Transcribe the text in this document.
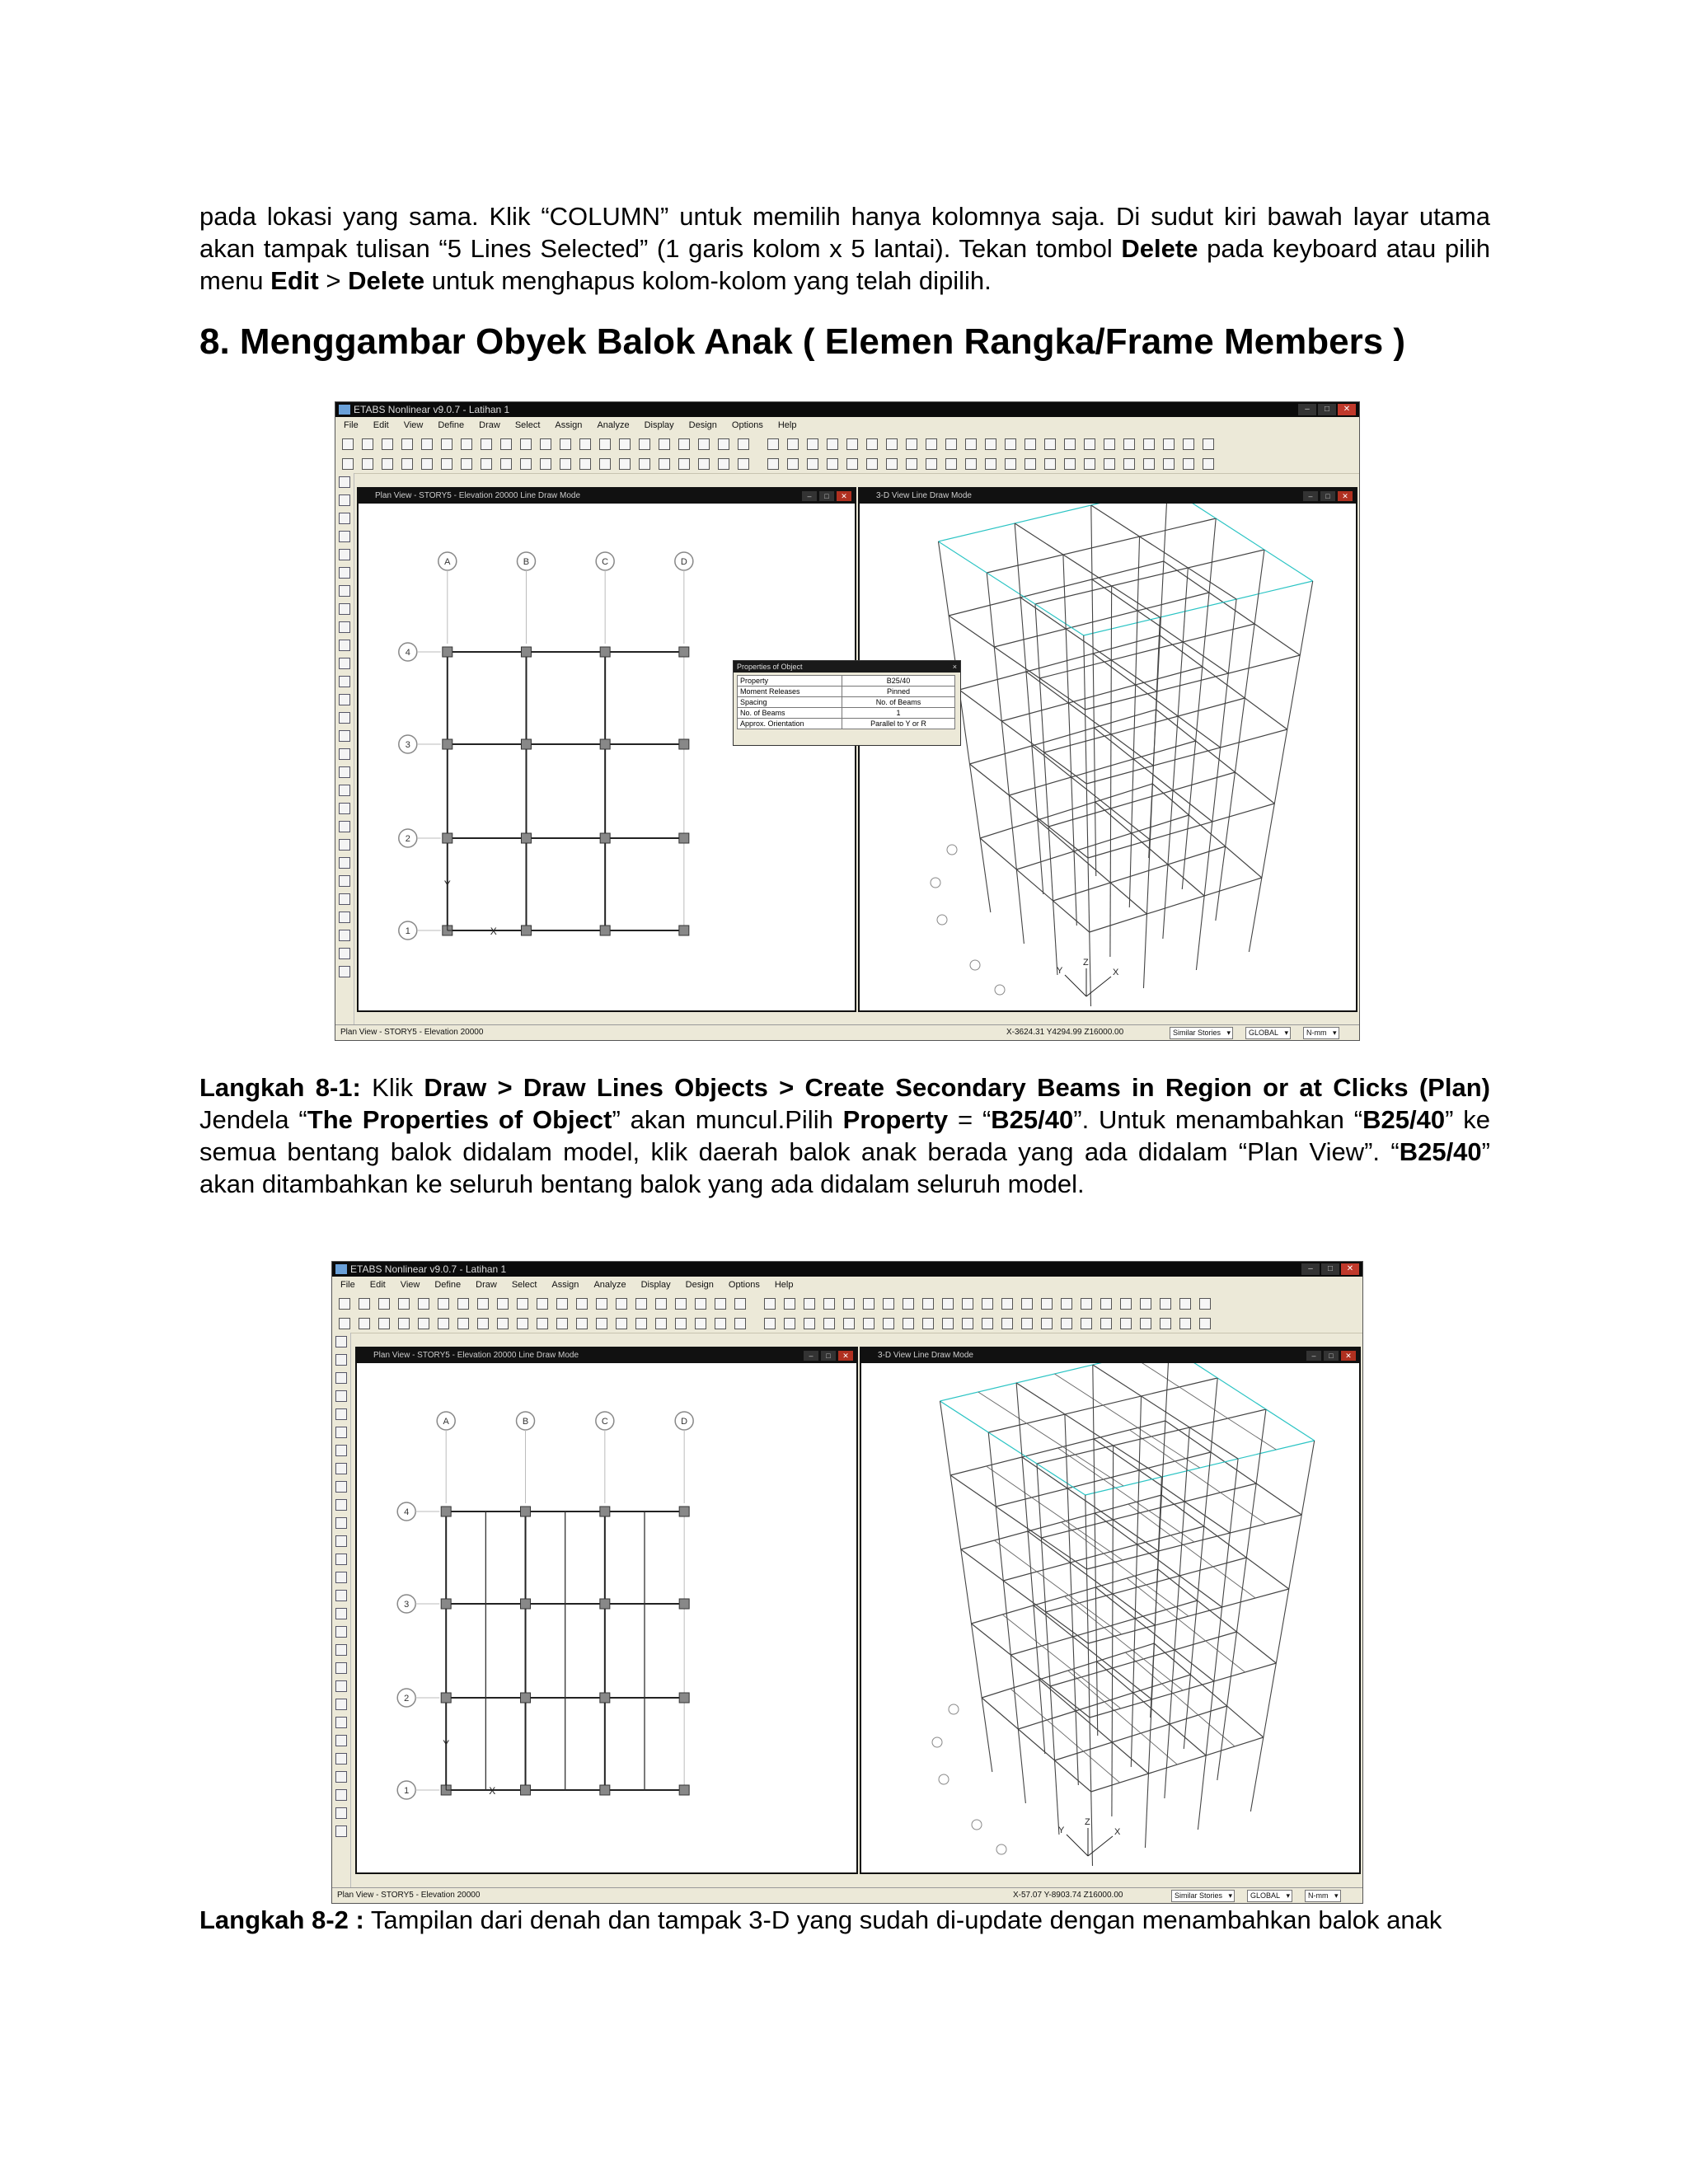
pada lokasi yang sama. Klik “COLUMN” untuk memilih hanya kolomnya saja. Di sudut kiri bawah layar utama akan tampak tulisan “5 Lines Selected” (1 garis kolom x 5 lantai). Tekan tombol Delete pada keyboard atau pilih menu Edit > Delete untuk menghapus kolom-kolom yang telah dipilih.
8. Menggambar Obyek Balok Anak ( Elemen Rangka/Frame Members )
ETABS Nonlinear v9.0.7 - Latihan 1	–	□	✕
File Edit View Define Draw Select Assign Analyze Display Design Options Help
Plan View - STORY5 - Elevation 20000 Line Draw Mode	–	□	✕
A	B	C	D
4
3
2
1	X
Y
3-D View Line Draw Mode	–	□	✕
Y	X
Z
Properties of Object	×
Property	B25/40
Moment Releases	Pinned
Spacing	No. of Beams
No. of Beams	1
Approx. Orientation	Parallel to Y or R
Plan View - STORY5 - Elevation 20000	X-3624.31 Y4294.99 Z16000.00	Similar Stories ▾	GLOBAL ▾	N-mm ▾
Langkah 8-1: Klik Draw > Draw Lines Objects > Create Secondary Beams in Region or at Clicks (Plan) Jendela “The Properties of Object” akan muncul.Pilih Property = “B25/40”. Untuk menambahkan “B25/40” ke semua bentang balok didalam model, klik daerah balok anak berada yang ada didalam “Plan View”. “B25/40” akan ditambahkan ke seluruh bentang balok yang ada didalam seluruh model.
ETABS Nonlinear v9.0.7 - Latihan 1	–	□	✕
File Edit View Define Draw Select Assign Analyze Display Design Options Help
Plan View - STORY5 - Elevation 20000 Line Draw Mode	–	□	✕
A	B	C	D
4
3
2
1	X
Y
3-D View Line Draw Mode	–	□	✕
Y	X
Z
Plan View - STORY5 - Elevation 20000	X-57.07 Y-8903.74 Z16000.00	Similar Stories ▾	GLOBAL ▾	N-mm ▾
Langkah 8-2 : Tampilan dari denah dan tampak 3-D yang sudah di-update dengan menambahkan balok anak
